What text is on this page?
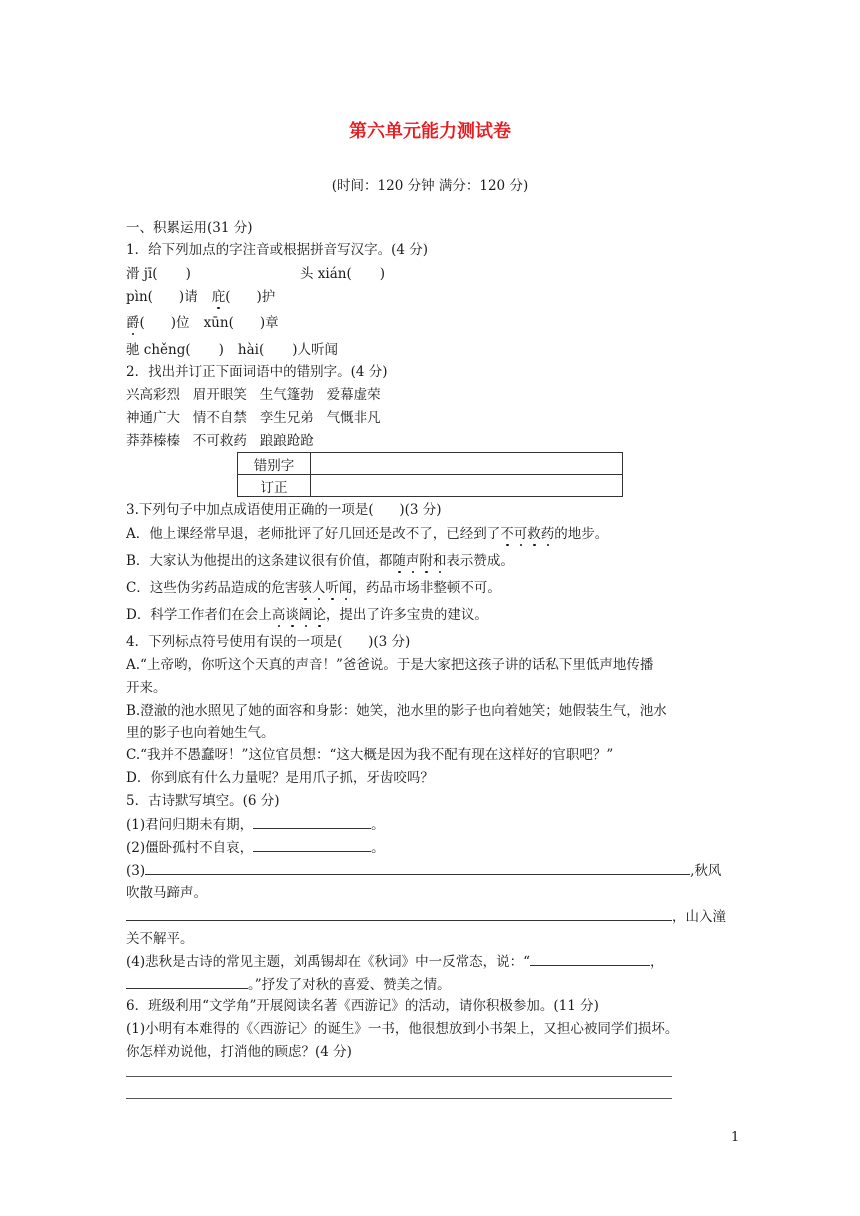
第六单元能力测试卷
(时间：120 分钟 满分：120 分)
一、积累运用(31 分)
1．给下列加点的字注音或根据拼音写汉字。(4 分)
滑 jī( )	头 xián( )
pìn( )请 庇( )护
爵( )位 xūn( )章
驰 chěng( ) hài( )人听闻
2．找出并订正下面词语中的错别字。(4 分)
兴高彩烈   眉开眼笑   生气篷勃   爱幕虚荣
神通广大   情不自禁   孪生兄弟   气慨非凡
莽莽榛榛   不可救药   踉踉跄跄
错别字	
订正	
3.下列句子中加点成语使用正确的一项是(      )(3 分)
A．他上课经常早退，老师批评了好几回还是改不了，已经到了不可救药的地步。
B．大家认为他提出的这条建议很有价值，都随声附和表示赞成。
C．这些伪劣药品造成的危害骇人听闻，药品市场非整顿不可。
D．科学工作者们在会上高谈阔论，提出了许多宝贵的建议。
4．下列标点符号使用有误的一项是(      )(3 分)
A.“上帝哟，你听这个天真的声音！”爸爸说。于是大家把这孩子讲的话私下里低声地传播
开来。
B.澄澈的池水照见了她的面容和身影：她笑，池水里的影子也向着她笑；她假装生气，池水
里的影子也向着她生气。
C.“我并不愚蠢呀！”这位官员想：“这大概是因为我不配有现在这样好的官职吧？”
D．你到底有什么力量呢？是用爪子抓，牙齿咬吗？
5．古诗默写填空。(6 分)
(1)君问归期未有期，	。
(2)僵卧孤村不自哀，	。
(3)	,秋风
吹散马蹄声。
，山入潼
关不解平。
(4)悲秋是古诗的常见主题，刘禹锡却在《秋词》中一反常态，说：“	，
。”抒发了对秋的喜爱、赞美之情。
6．班级利用“文学角”开展阅读名著《西游记》的活动，请你积极参加。(11 分)
(1)小明有本难得的《〈西游记〉的诞生》一书，他很想放到小书架上，又担心被同学们损坏。
你怎样劝说他，打消他的顾虑？(4 分)
1
